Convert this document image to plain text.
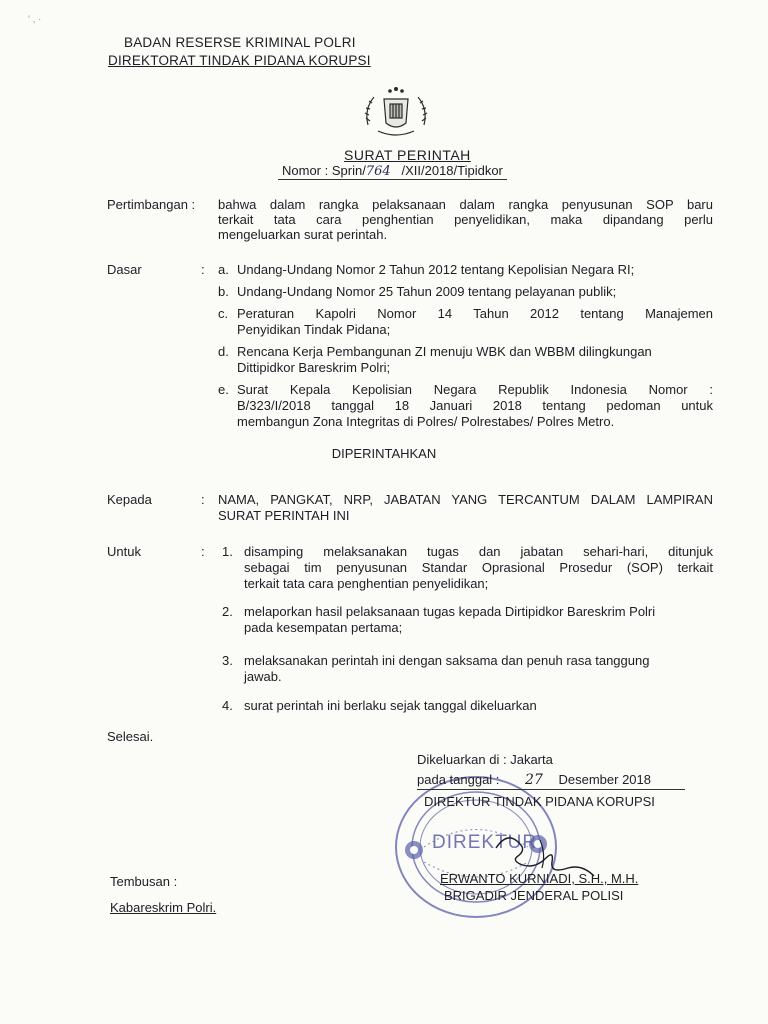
‘ ‚ ·
BADAN RESERSE KRIMINAL POLRI
DIREKTORAT TINDAK PIDANA KORUPSI
SURAT PERINTAH
Nomor : Sprin/764 /XII/2018/Tipidkor
Pertimbangan : bahwa dalam rangka pelaksanaan dalam rangka penyusunan SOP baru
terkait tata cara penghentian penyelidikan, maka dipandang perlu
mengeluarkan surat perintah.
Dasar	: a. Undang-Undang Nomor 2 Tahun 2012 tentang Kepolisian Negara RI;
b. Undang-Undang Nomor 25 Tahun 2009 tentang pelayanan publik;
c. Peraturan Kapolri Nomor 14 Tahun 2012 tentang Manajemen
Penyidikan Tindak Pidana;
d. Rencana Kerja Pembangunan ZI menuju WBK dan WBBM dilingkungan
Dittipidkor Bareskrim Polri;
e. Surat Kepala Kepolisian Negara Republik Indonesia Nomor :
B/323/I/2018 tanggal 18 Januari 2018 tentang pedoman untuk
membangun Zona Integritas di Polres/ Polrestabes/ Polres Metro.
DIPERINTAHKAN
Kepada	: NAMA, PANGKAT, NRP, JABATAN YANG TERCANTUM DALAM LAMPIRAN
SURAT PERINTAH INI
Untuk	: 1. disamping melaksanakan tugas dan jabatan sehari-hari, ditunjuk
sebagai tim penyusunan Standar Oprasional Prosedur (SOP) terkait
terkait tata cara penghentian penyelidikan;
2. melaporkan hasil pelaksanaan tugas kepada Dirtipidkor Bareskrim Polri
pada kesempatan pertama;
3. melaksanakan perintah ini dengan saksama dan penuh rasa tanggung
jawab.
4. surat perintah ini berlaku sejak tanggal dikeluarkan
Selesai.
DIREKTUR
Dikeluarkan di : Jakarta
pada tanggal : 27 Desember 2018
DIREKTUR TINDAK PIDANA KORUPSI
ERWANTO KURNIADI, S.H., M.H.
BRIGADIR JENDERAL POLISI
Tembusan :
Kabareskrim Polri.
